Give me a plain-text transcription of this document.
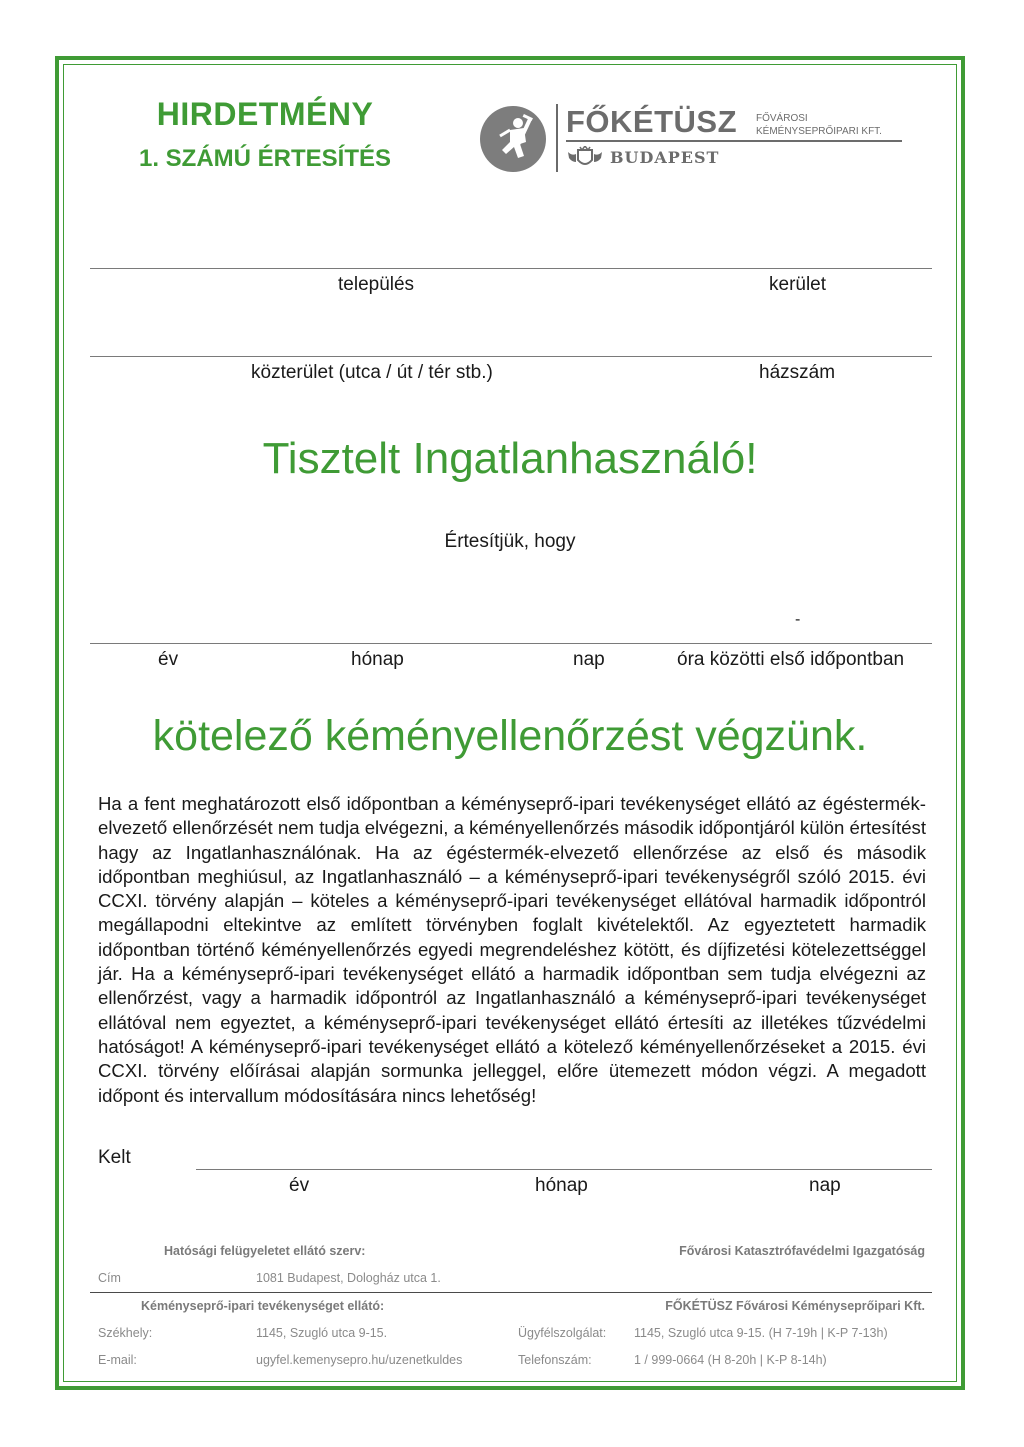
HIRDETMÉNY
1. SZÁMÚ ÉRTESÍTÉS
FŐKÉTÜSZ FŐVÁROSI
KÉMÉNYSEPRŐIPARI KFT.
BUDAPEST
település	kerület
közterület (utca / út / tér stb.)	házszám
Tisztelt Ingatlanhasználó!
Értesítjük, hogy
-
év	hónap	nap	óra közötti első időpontban
kötelező kéményellenőrzést végzünk.
Ha a fent meghatározott első időpontban a kéményseprő-ipari tevékenységet ellátó az égéstermék-elvezető ellenőrzését nem tudja elvégezni, a kéményellenőrzés második időpontjáról külön értesítést hagy az Ingatlanhasználónak. Ha az égéstermék-elvezető ellenőrzése az első és második időpontban meghiúsul, az Ingatlanhasználó – a kéményseprő-ipari tevékenységről szóló 2015. évi CCXI. törvény alapján – köteles a kéményseprő-ipari tevékenységet ellátóval harmadik időpontról megállapodni eltekintve az említett törvényben foglalt kivételektől. Az egyeztetett harmadik időpontban történő kéményellenőrzés egyedi megrendeléshez kötött, és díjfizetési kötelezettséggel jár. Ha a kéményseprő-ipari tevékenységet ellátó a harmadik időpontban sem tudja elvégezni az ellenőrzést, vagy a harmadik időpontról az Ingatlanhasználó a kéményseprő-ipari tevékenységet ellátóval nem egyeztet, a kéményseprő-ipari tevékenységet ellátó értesíti az illetékes tűzvédelmi hatóságot! A kéményseprő-ipari tevékenységet ellátó a kötelező kéményellenőrzéseket a 2015. évi CCXI. törvény előírásai alapján sormunka jelleggel, előre ütemezett módon végzi. A megadott időpont és intervallum módosítására nincs lehetőség!
Kelt
év	hónap	nap
Hatósági felügyeletet ellátó szerv:	Fővárosi Katasztrófavédelmi Igazgatóság
Cím	1081 Budapest, Dologház utca 1.
Kéményseprő-ipari tevékenységet ellátó:	FŐKÉTÜSZ Fővárosi Kéményseprőipari Kft.
Székhely:	1145, Szugló utca 9-15.	Ügyfélszolgálat: 1145, Szugló utca 9-15. (H 7-19h | K-P 7-13h)
E-mail:	ugyfel.kemenysepro.hu/uzenetkuldes	Telefonszám:	1 / 999-0664 (H 8-20h | K-P 8-14h)
